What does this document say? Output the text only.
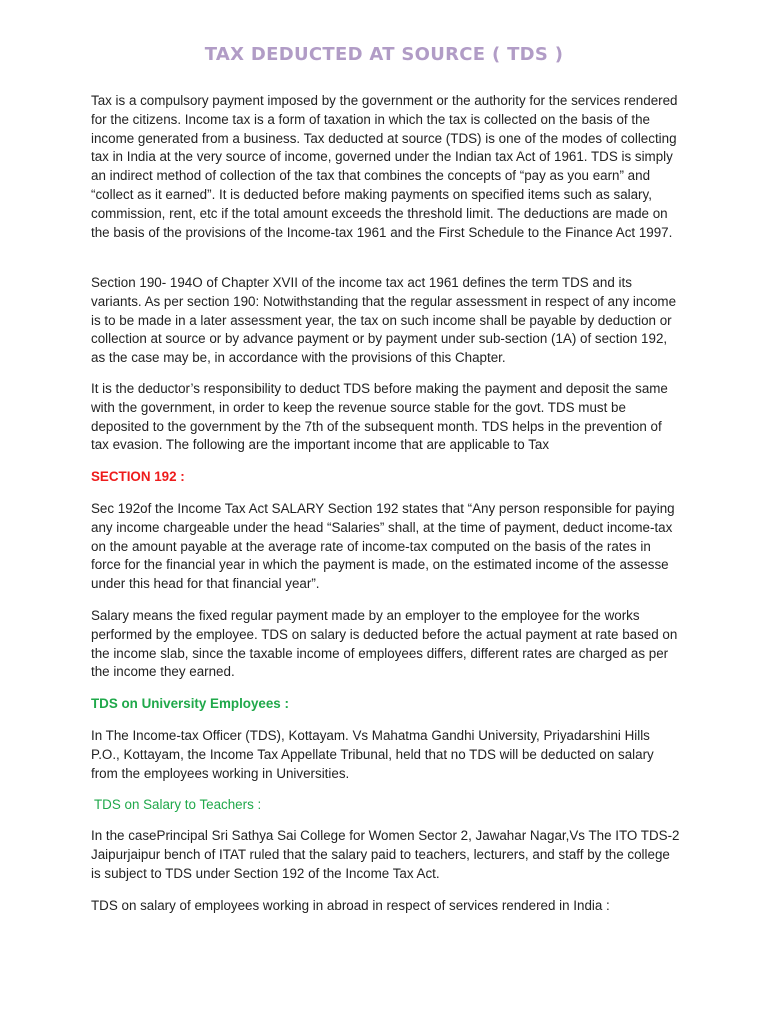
TAX DEDUCTED AT SOURCE ( TDS )

Tax is a compulsory payment imposed by the government or the authority for the services rendered for the citizens. Income tax is a form of taxation in which the tax is collected on the basis of the income generated from a business. Tax deducted at source (TDS) is one of the modes of collecting tax in India at the very source of income, governed under the Indian tax Act of 1961. TDS is simply an indirect method of collection of the tax that combines the concepts of “pay as you earn” and “collect as it earned”. It is deducted before making payments on specified items such as salary, commission, rent, etc if the total amount exceeds the threshold limit. The deductions are made on the basis of the provisions of the Income-tax 1961 and the First Schedule to the Finance Act 1997.

Section 190- 194O of Chapter XVII of the income tax act 1961 defines the term TDS and its variants. As per section 190: Notwithstanding that the regular assessment in respect of any income is to be made in a later assessment year, the tax on such income shall be payable by deduction or collection at source or by advance payment or by payment under sub-section (1A) of section 192, as the case may be, in accordance with the provisions of this Chapter.

It is the deductor’s responsibility to deduct TDS before making the payment and deposit the same with the government, in order to keep the revenue source stable for the govt. TDS must be deposited to the government by the 7th of the subsequent month. TDS helps in the prevention of tax evasion. The following are the important income that are applicable to Tax

SECTION 192 :

Sec 192of the Income Tax Act SALARY Section 192 states that “Any person responsible for paying any income chargeable under the head “Salaries” shall, at the time of payment, deduct income-tax on the amount payable at the average rate of income-tax computed on the basis of the rates in force for the financial year in which the payment is made, on the estimated income of the assesse under this head for that financial year”.

Salary means the fixed regular payment made by an employer to the employee for the works performed by the employee. TDS on salary is deducted before the actual payment at rate based on the income slab, since the taxable income of employees differs, different rates are charged as per the income they earned.

TDS on University Employees :

In The Income-tax Officer (TDS), Kottayam. Vs Mahatma Gandhi University, Priyadarshini Hills P.O., Kottayam, the Income Tax Appellate Tribunal, held that no TDS will be deducted on salary from the employees working in Universities.

TDS on Salary to Teachers :

In the casePrincipal Sri Sathya Sai College for Women Sector 2, Jawahar Nagar,Vs The ITO TDS-2 Jaipurjaipur bench of ITAT ruled that the salary paid to teachers, lecturers, and staff by the college is subject to TDS under Section 192 of the Income Tax Act.

TDS on salary of employees working in abroad in respect of services rendered in India :
